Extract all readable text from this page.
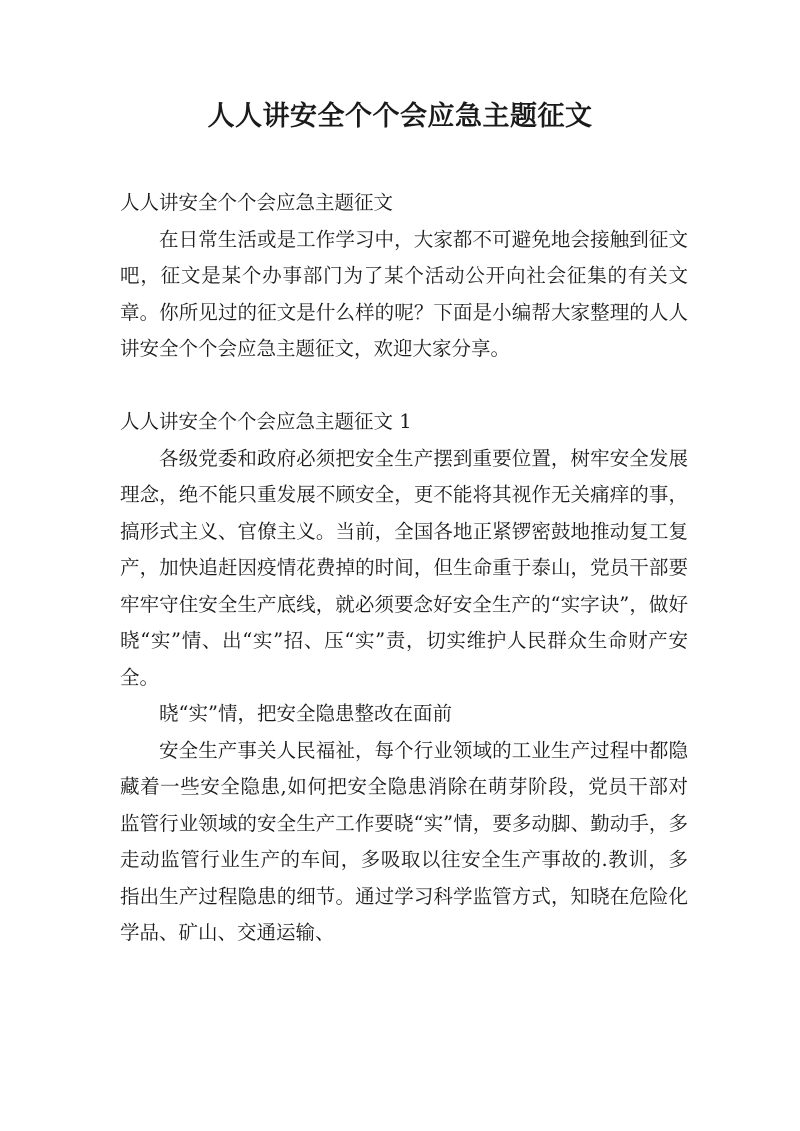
人人讲安全个个会应急主题征文

人人讲安全个个会应急主题征文

在日常生活或是工作学习中，大家都不可避免地会接触到征文吧，征文是某个办事部门为了某个活动公开向社会征集的有关文章。你所见过的征文是什么样的呢？下面是小编帮大家整理的人人讲安全个个会应急主题征文，欢迎大家分享。

人人讲安全个个会应急主题征文 1

各级党委和政府必须把安全生产摆到重要位置，树牢安全发展理念，绝不能只重发展不顾安全，更不能将其视作无关痛痒的事，搞形式主义、官僚主义。当前，全国各地正紧锣密鼓地推动复工复产，加快追赶因疫情花费掉的时间，但生命重于泰山，党员干部要牢牢守住安全生产底线，就必须要念好安全生产的“实字诀”，做好晓“实”情、出“实”招、压“实”责，切实维护人民群众生命财产安全。

晓“实”情，把安全隐患整改在面前

安全生产事关人民福祉，每个行业领域的工业生产过程中都隐藏着一些安全隐患,如何把安全隐患消除在萌芽阶段，党员干部对监管行业领域的安全生产工作要晓“实”情，要多动脚、勤动手，多走动监管行业生产的车间，多吸取以往安全生产事故的.教训，多指出生产过程隐患的细节。通过学习科学监管方式，知晓在危险化学品、矿山、交通运输、
